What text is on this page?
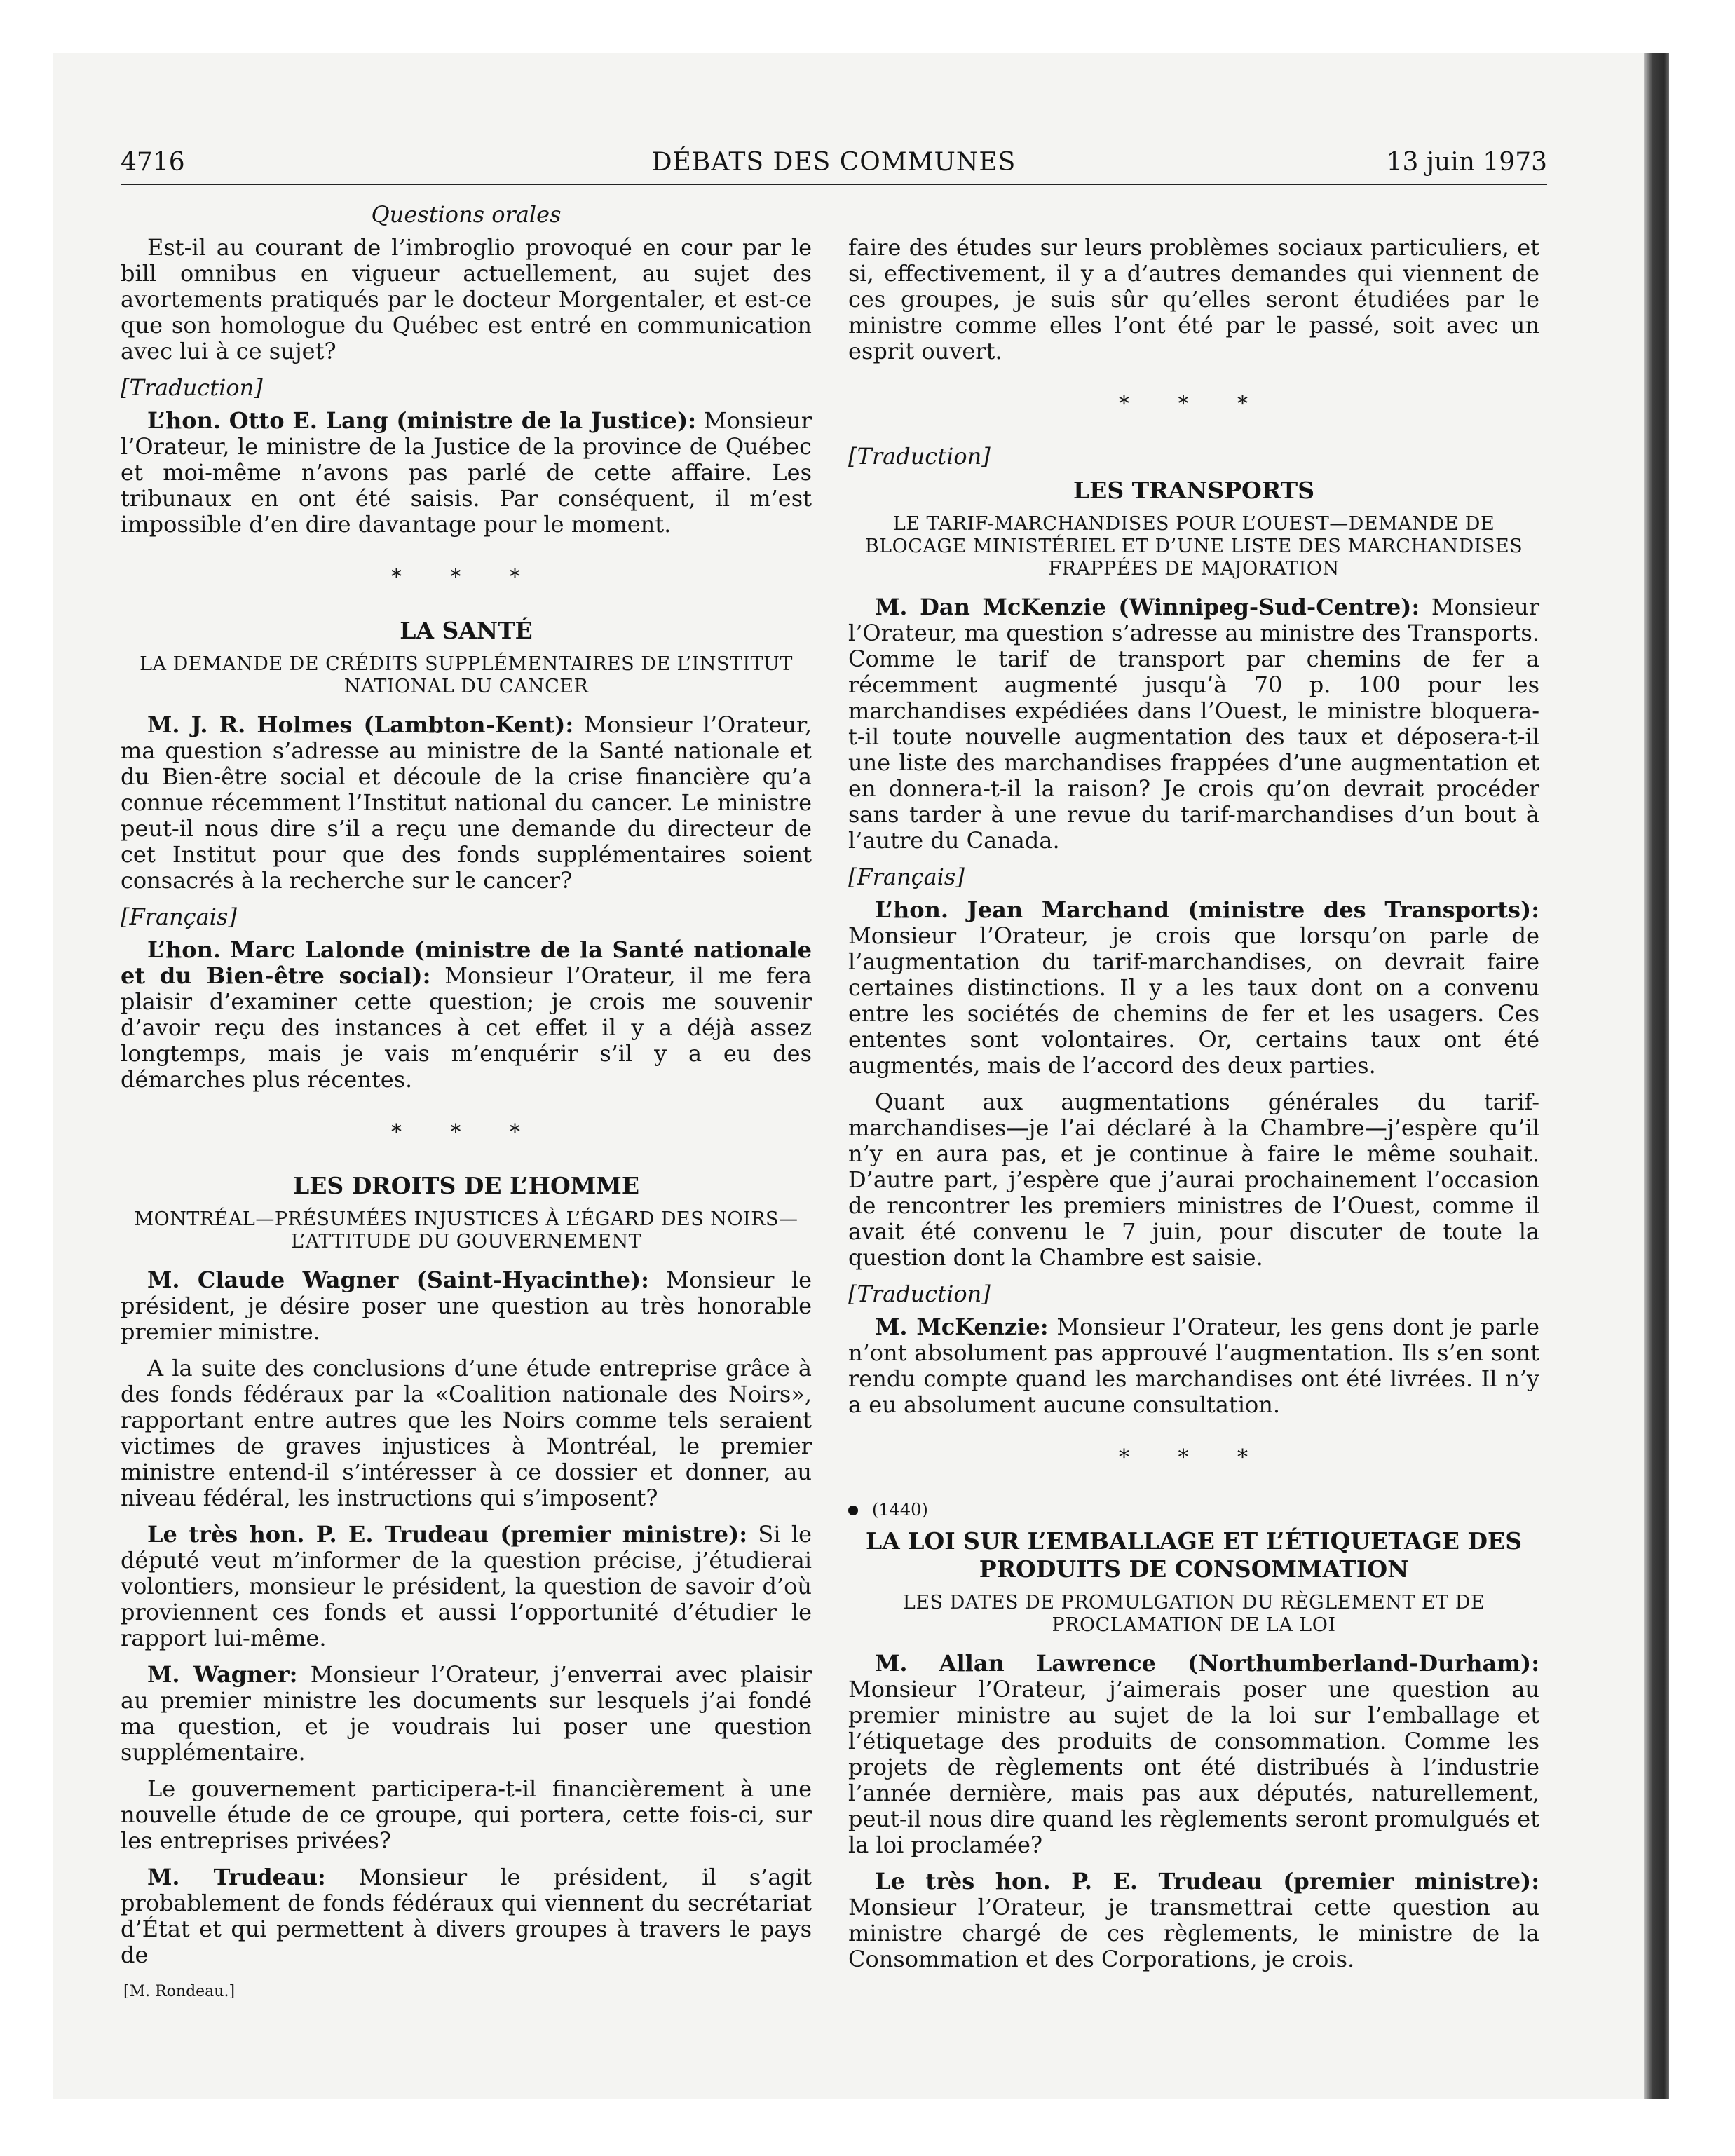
4716	DÉBATS DES COMMUNES	13 juin 1973
Questions orales

Est-il au courant de l’imbroglio provoqué en cour par le bill omnibus en vigueur actuellement, au sujet des avortements pratiqués par le docteur Morgentaler, et est-ce que son homologue du Québec est entré en communication avec lui à ce sujet?

[Traduction]

L’hon. Otto E. Lang (ministre de la Justice): Monsieur l’Orateur, le ministre de la Justice de la province de Québec et moi-même n’avons pas parlé de cette affaire. Les tribunaux en ont été saisis. Par conséquent, il m’est impossible d’en dire davantage pour le moment.

* * *
LA SANTÉ
LA DEMANDE DE CRÉDITS SUPPLÉMENTAIRES DE L’INSTITUT NATIONAL DU CANCER

M. J. R. Holmes (Lambton-Kent): Monsieur l’Orateur, ma question s’adresse au ministre de la Santé nationale et du Bien-être social et découle de la crise financière qu’a connue récemment l’Institut national du cancer. Le ministre peut-il nous dire s’il a reçu une demande du directeur de cet Institut pour que des fonds supplémentaires soient consacrés à la recherche sur le cancer?

[Français]

L’hon. Marc Lalonde (ministre de la Santé nationale et du Bien-être social): Monsieur l’Orateur, il me fera plaisir d’examiner cette question; je crois me souvenir d’avoir reçu des instances à cet effet il y a déjà assez longtemps, mais je vais m’enquérir s’il y a eu des démarches plus récentes.

* * *
LES DROITS DE L’HOMME
MONTRÉAL—PRÉSUMÉES INJUSTICES À L’ÉGARD DES NOIRS—L’ATTITUDE DU GOUVERNEMENT

M. Claude Wagner (Saint-Hyacinthe): Monsieur le président, je désire poser une question au très honorable premier ministre.

A la suite des conclusions d’une étude entreprise grâce à des fonds fédéraux par la «Coalition nationale des Noirs», rapportant entre autres que les Noirs comme tels seraient victimes de graves injustices à Montréal, le premier ministre entend-il s’intéresser à ce dossier et donner, au niveau fédéral, les instructions qui s’imposent?

Le très hon. P. E. Trudeau (premier ministre): Si le député veut m’informer de la question précise, j’étudierai volontiers, monsieur le président, la question de savoir d’où proviennent ces fonds et aussi l’opportunité d’étudier le rapport lui-même.

M. Wagner: Monsieur l’Orateur, j’enverrai avec plaisir au premier ministre les documents sur lesquels j’ai fondé ma question, et je voudrais lui poser une question supplémentaire.

Le gouvernement participera-t-il financièrement à une nouvelle étude de ce groupe, qui portera, cette fois-ci, sur les entreprises privées?

M. Trudeau: Monsieur le président, il s’agit probablement de fonds fédéraux qui viennent du secrétariat d’État et qui permettent à divers groupes à travers le pays de

[M. Rondeau.]

faire des études sur leurs problèmes sociaux particuliers, et si, effectivement, il y a d’autres demandes qui viennent de ces groupes, je suis sûr qu’elles seront étudiées par le ministre comme elles l’ont été par le passé, soit avec un esprit ouvert.

* * *
[Traduction]
LES TRANSPORTS
LE TARIF-MARCHANDISES POUR L’OUEST—DEMANDE DE BLOCAGE MINISTÉRIEL ET D’UNE LISTE DES MARCHANDISES FRAPPÉES DE MAJORATION

M. Dan McKenzie (Winnipeg-Sud-Centre): Monsieur l’Orateur, ma question s’adresse au ministre des Transports. Comme le tarif de transport par chemins de fer a récemment augmenté jusqu’à 70 p. 100 pour les marchandises expédiées dans l’Ouest, le ministre bloquera-t-il toute nouvelle augmentation des taux et déposera-t-il une liste des marchandises frappées d’une augmentation et en donnera-t-il la raison? Je crois qu’on devrait procéder sans tarder à une revue du tarif-marchandises d’un bout à l’autre du Canada.

[Français]

L’hon. Jean Marchand (ministre des Transports): Monsieur l’Orateur, je crois que lorsqu’on parle de l’augmentation du tarif-marchandises, on devrait faire certaines distinctions. Il y a les taux dont on a convenu entre les sociétés de chemins de fer et les usagers. Ces ententes sont volontaires. Or, certains taux ont été augmentés, mais de l’accord des deux parties.

Quant aux augmentations générales du tarif-marchandises—je l’ai déclaré à la Chambre—j’espère qu’il n’y en aura pas, et je continue à faire le même souhait. D’autre part, j’espère que j’aurai prochainement l’occasion de rencontrer les premiers ministres de l’Ouest, comme il avait été convenu le 7 juin, pour discuter de toute la question dont la Chambre est saisie.

[Traduction]

M. McKenzie: Monsieur l’Orateur, les gens dont je parle n’ont absolument pas approuvé l’augmentation. Ils s’en sont rendu compte quand les marchandises ont été livrées. Il n’y a eu absolument aucune consultation.

* * *
(1440)
LA LOI SUR L’EMBALLAGE ET L’ÉTIQUETAGE DES PRODUITS DE CONSOMMATION
LES DATES DE PROMULGATION DU RÈGLEMENT ET DE PROCLAMATION DE LA LOI

M. Allan Lawrence (Northumberland-Durham): Monsieur l’Orateur, j’aimerais poser une question au premier ministre au sujet de la loi sur l’emballage et l’étiquetage des produits de consommation. Comme les projets de règlements ont été distribués à l’industrie l’année dernière, mais pas aux députés, naturellement, peut-il nous dire quand les règlements seront promulgués et la loi proclamée?

Le très hon. P. E. Trudeau (premier ministre): Monsieur l’Orateur, je transmettrai cette question au ministre chargé de ces règlements, le ministre de la Consommation et des Corporations, je crois.
